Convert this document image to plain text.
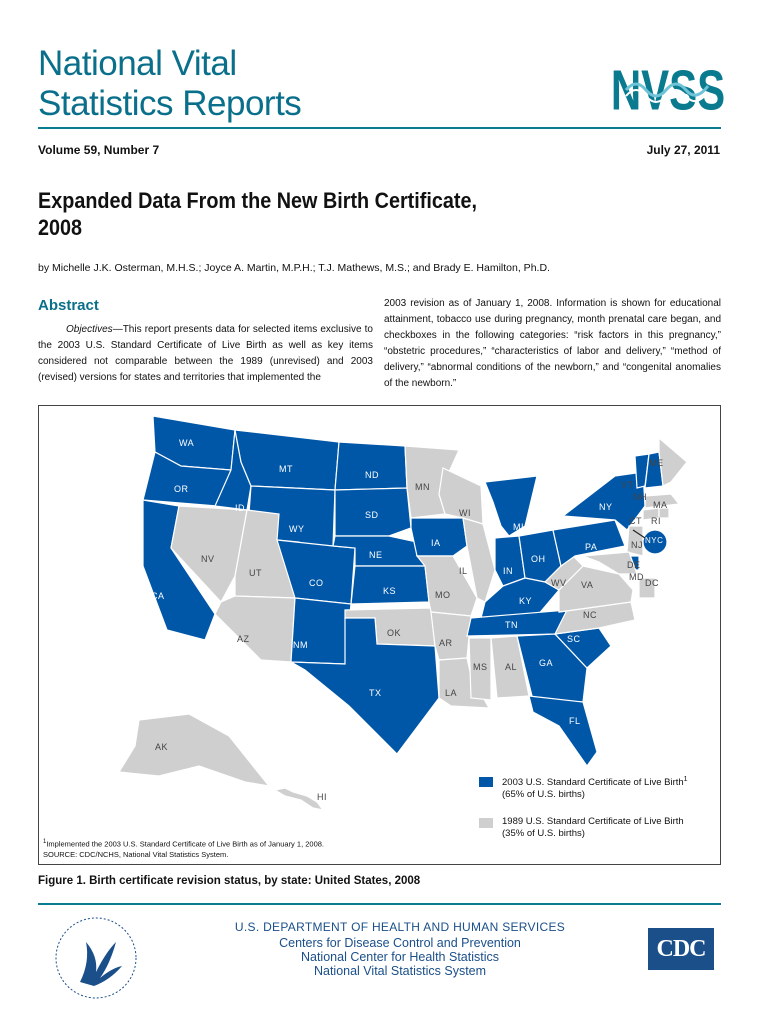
National Vital
Statistics Reports	NVSS
Volume 59, Number 7	July 27, 2011
Expanded Data From the New Birth Certificate,
2008
by Michelle J.K. Osterman, M.H.S.; Joyce A. Martin, M.P.H.; T.J. Mathews, M.S.; and Brady E. Hamilton, Ph.D.
Abstract
Objectives—This report presents data for selected items exclusive to the 2003 U.S. Standard Certificate of Live Birth as well as key items considered not comparable between the 1989 (unrevised) and 2003 (revised) versions for states and territories that implemented the
2003 revision as of January 1, 2008. Information is shown for educational attainment, tobacco use during pregnancy, month prenatal care began, and checkboxes in the following categories: “risk factors in this pregnancy,” “obstetric procedures,” “characteristics of labor and delivery,” “method of delivery,” “abnormal conditions of the newborn,” and “congenital anomalies of the newborn.”
WA
OR
CA
ID
NV
MT
WY
UT
AZ
CO
NM
ND
SD
NE
KS
OK
TX
MN
IA
MO
AR
LA
WI
IL
MI
IN
OH
KY
TN
MS AL GA
FL
SC
NC
VA
WV
PA
NY
VT
NH
ME
MA
CT RI
NJ
DE
MD
DC
NYC
AK
HI
2003 U.S. Standard Certificate of Live Birth$^1$
(65% of U.S. births)
1989 U.S. Standard Certificate of Live Birth
(35% of U.S. births)
$^1$Implemented the 2003 U.S. Standard Certificate of Live Birth as of January 1, 2008.
SOURCE: CDC/NCHS, National Vital Statistics System.
Figure 1. Birth certificate revision status, by state: United States, 2008
U.S. DEPARTMENT OF HEALTH AND HUMAN SERVICES
Centers for Disease Control and Prevention
National Center for Health Statistics
National Vital Statistics System
CDC
